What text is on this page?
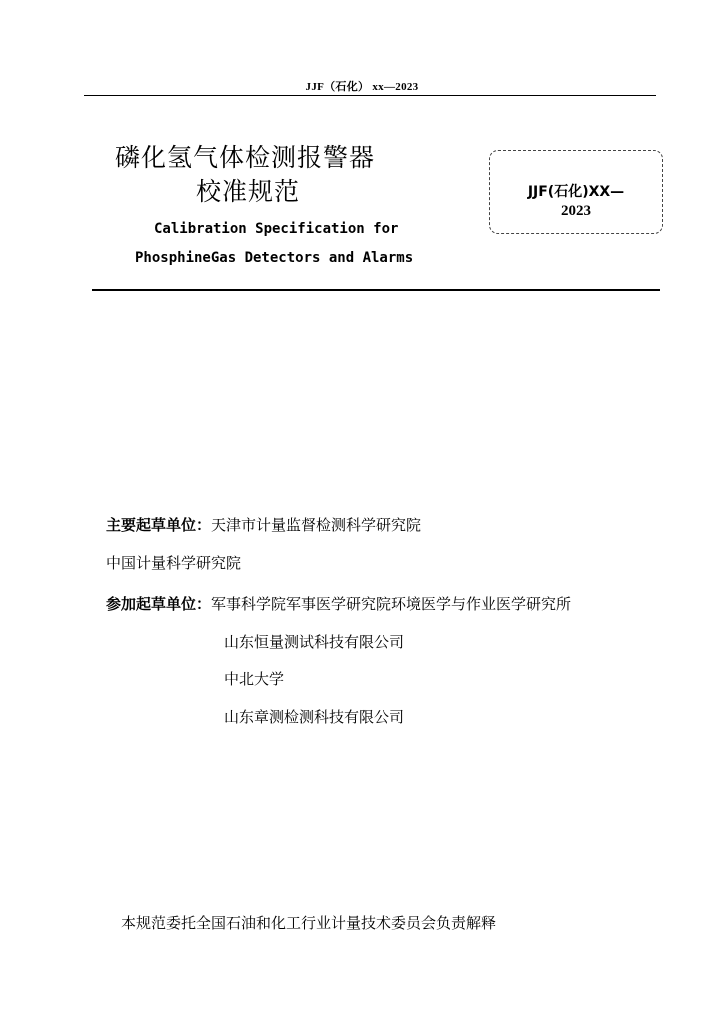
JJF（石化） xx—2023
磷化氢气体检测报警器
校准规范
Calibration Specification for
PhosphineGas Detectors and Alarms
JJF(石化)XX—
2023
主要起草单位：天津市计量监督检测科学研究院
中国计量科学研究院
参加起草单位：军事科学院军事医学研究院环境医学与作业医学研究所
山东恒量测试科技有限公司
中北大学
山东章测检测科技有限公司
本规范委托全国石油和化工行业计量技术委员会负责解释
